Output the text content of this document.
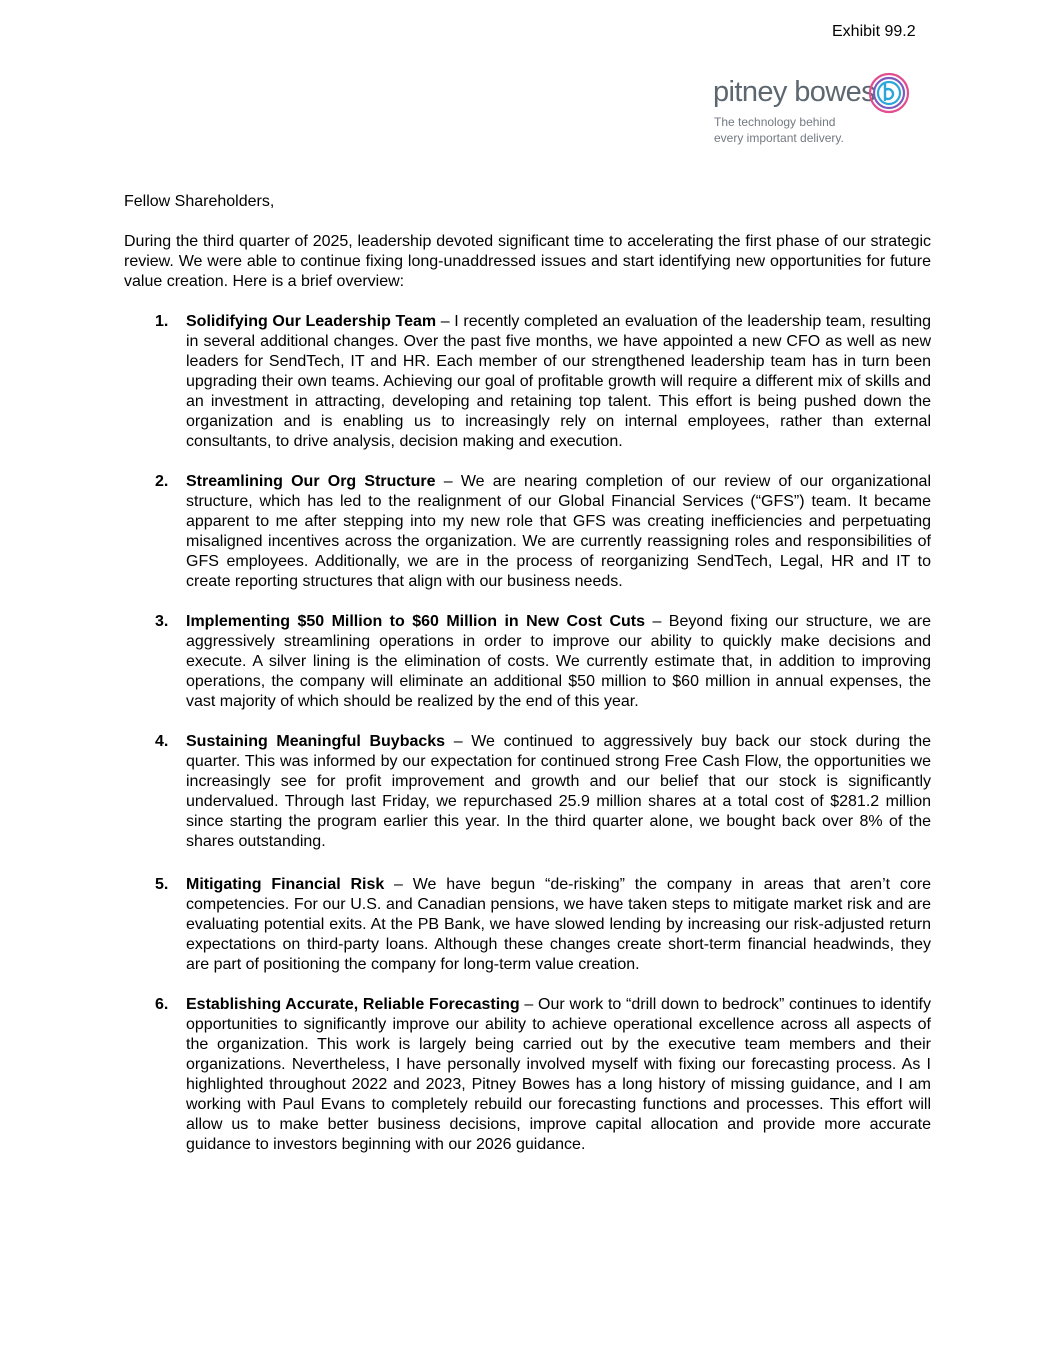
Exhibit 99.2
pitney bowes
The technology behind
every important delivery.

Fellow Shareholders,

During the third quarter of 2025, leadership devoted significant time to accelerating the first phase of our strategic review. We were able to continue fixing long-unaddressed issues and start identifying new opportunities for future value creation. Here is a brief overview:

1. Solidifying Our Leadership Team – I recently completed an evaluation of the leadership team, resulting in several additional changes. Over the past five months, we have appointed a new CFO as well as new leaders for SendTech, IT and HR. Each member of our strengthened leadership team has in turn been upgrading their own teams. Achieving our goal of profitable growth will require a different mix of skills and an investment in attracting, developing and retaining top talent. This effort is being pushed down the organization and is enabling us to increasingly rely on internal employees, rather than external consultants, to drive analysis, decision making and execution.
2. Streamlining Our Org Structure – We are nearing completion of our review of our organizational structure, which has led to the realignment of our Global Financial Services (“GFS”) team. It became apparent to me after stepping into my new role that GFS was creating inefficiencies and perpetuating misaligned incentives across the organization. We are currently reassigning roles and responsibilities of GFS employees. Additionally, we are in the process of reorganizing SendTech, Legal, HR and IT to create reporting structures that align with our business needs.
3. Implementing $50 Million to $60 Million in New Cost Cuts – Beyond fixing our structure, we are aggressively streamlining operations in order to improve our ability to quickly make decisions and execute. A silver lining is the elimination of costs. We currently estimate that, in addition to improving operations, the company will eliminate an additional $50 million to $60 million in annual expenses, the vast majority of which should be realized by the end of this year.
4. Sustaining Meaningful Buybacks – We continued to aggressively buy back our stock during the quarter. This was informed by our expectation for continued strong Free Cash Flow, the opportunities we increasingly see for profit improvement and growth and our belief that our stock is significantly undervalued. Through last Friday, we repurchased 25.9 million shares at a total cost of $281.2 million since starting the program earlier this year. In the third quarter alone, we bought back over 8% of the shares outstanding.
5. Mitigating Financial Risk – We have begun “de-risking” the company in areas that aren’t core competencies. For our U.S. and Canadian pensions, we have taken steps to mitigate market risk and are evaluating potential exits. At the PB Bank, we have slowed lending by increasing our risk-adjusted return expectations on third-party loans. Although these changes create short-term financial headwinds, they are part of positioning the company for long-term value creation.
6. Establishing Accurate, Reliable Forecasting – Our work to “drill down to bedrock” continues to identify opportunities to significantly improve our ability to achieve operational excellence across all aspects of the organization. This work is largely being carried out by the executive team members and their organizations. Nevertheless, I have personally involved myself with fixing our forecasting process. As I highlighted throughout 2022 and 2023, Pitney Bowes has a long history of missing guidance, and I am working with Paul Evans to completely rebuild our forecasting functions and processes. This effort will allow us to make better business decisions, improve capital allocation and provide more accurate guidance to investors beginning with our 2026 guidance.
